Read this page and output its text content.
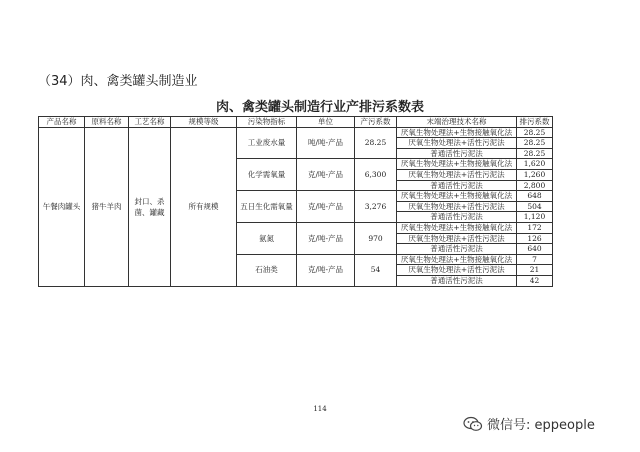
（34）肉、禽类罐头制造业
肉、禽类罐头制造行业产排污系数表
产品名称	原料名称	工艺名称	规模等级	污染物指标	单位	产污系数	末端治理技术名称	排污系数
午餐肉罐头	猪牛羊肉	封口、杀菌、罐藏	所有规模	工业废水量	吨/吨-产品	28.25	厌氧生物处理法+生物接触氧化法	28.25
							厌氧生物处理法+活性污泥法	28.25
							普通活性污泥法	28.25
				化学需氧量	克/吨-产品	6,300	厌氧生物处理法+生物接触氧化法	1,620
							厌氧生物处理法+活性污泥法	1,260
							普通活性污泥法	2,800
				五日生化需氧量	克/吨-产品	3,276	厌氧生物处理法+生物接触氧化法	648
							厌氧生物处理法+活性污泥法	504
							普通活性污泥法	1,120
				氨氮	克/吨-产品	970	厌氧生物处理法+生物接触氧化法	172
							厌氧生物处理法+活性污泥法	126
							普通活性污泥法	640
				石油类	克/吨-产品	54	厌氧生物处理法+生物接触氧化法	7
							厌氧生物处理法+活性污泥法	21
							普通活性污泥法	42
114
微信号: eppeople
